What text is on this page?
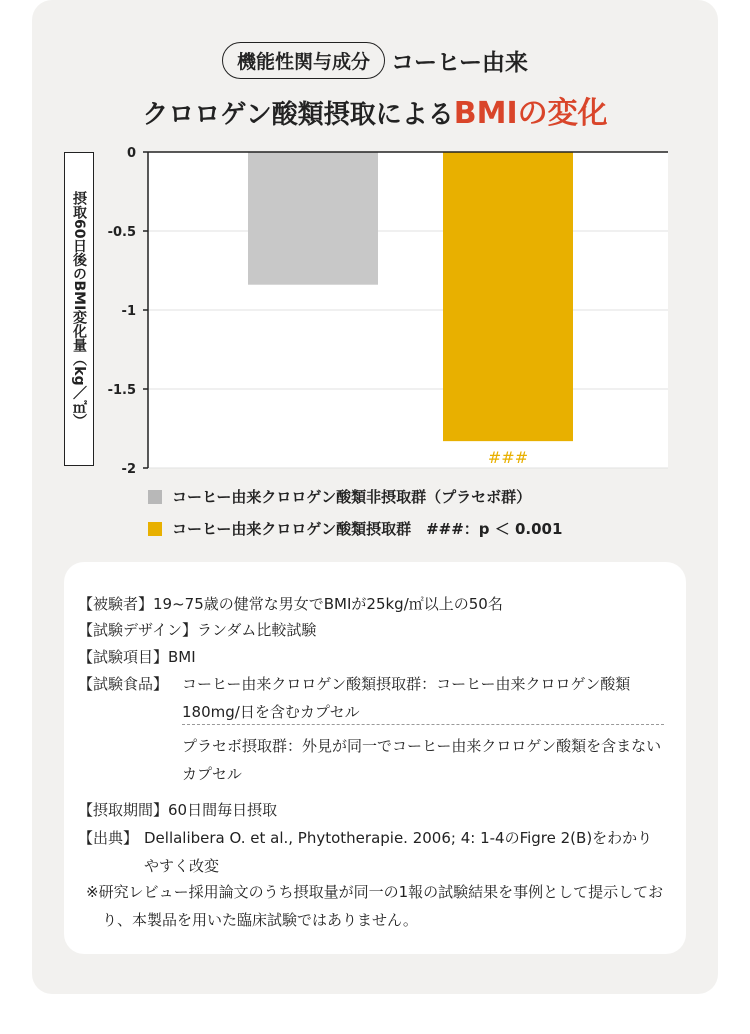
機能性関与成分 コーヒー由来
クロロゲン酸類摂取によるBMIの変化
摂取60日後のBMI変化量（kg／㎡）
0
-0.5
-1
-1.5
-2
###
コーヒー由来クロロゲン酸類非摂取群（プラセボ群）
コーヒー由来クロロゲン酸類摂取群　###：p ＜ 0.001
【被験者】19~75歳の健常な男女でBMIが25kg/㎡以上の50名
【試験デザイン】ランダム比較試験
【試験項目】BMI
【試験食品】 コーヒー由来クロロゲン酸類摂取群：コーヒー由来クロロゲン酸類180mg/日を含むカプセル
プラセボ摂取群：外見が同一でコーヒー由来クロロゲン酸類を含まないカプセル
【摂取期間】60日間毎日摂取
【出典】 Dellalibera O. et al., Phytotherapie. 2006; 4: 1-4のFigre 2(B)をわかりやすく改変
※研究レビュー採用論文のうち摂取量が同一の1報の試験結果を事例として提示しており、本製品を用いた臨床試験ではありません。
